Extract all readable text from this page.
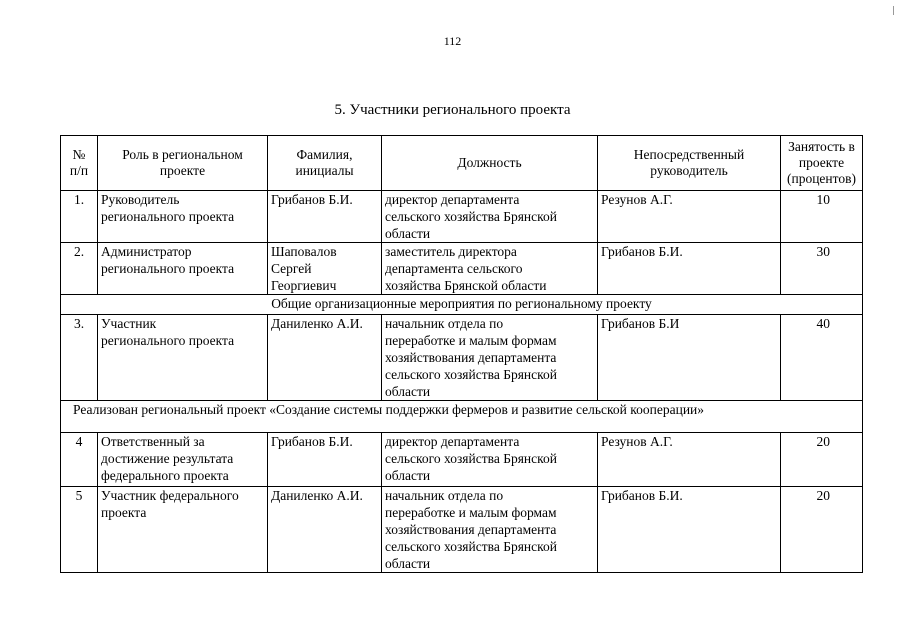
112
5. Участники регионального проекта
№
п/п	Роль в региональном
проекте	Фамилия,
инициалы	Должность	Непосредственный
руководитель	Занятость в
проекте
(процентов)
1.	Руководитель
регионального проекта	Грибанов Б.И.	директор департамента
сельского хозяйства Брянской
области	Резунов А.Г.	10
2.	Администратор
регионального проекта	Шаповалов
Сергей
Георгиевич	заместитель директора
департамента сельского
хозяйства Брянской области	Грибанов Б.И.	30
Общие организационные мероприятия по региональному проекту					
3.	Участник
регионального проекта	Даниленко А.И.	начальник отдела по
переработке и малым формам
хозяйствования департамента
сельского хозяйства Брянской
области	Грибанов Б.И	40
Реализован региональный проект «Создание системы поддержки фермеров и развитие сельской кооперации»					
4	Ответственный за
достижение результата
федерального проекта	Грибанов Б.И.	директор департамента
сельского хозяйства Брянской
области	Резунов А.Г.	20
5	Участник федерального
проекта	Даниленко А.И.	начальник отдела по
переработке и малым формам
хозяйствования департамента
сельского хозяйства Брянской
области	Грибанов Б.И.	20
